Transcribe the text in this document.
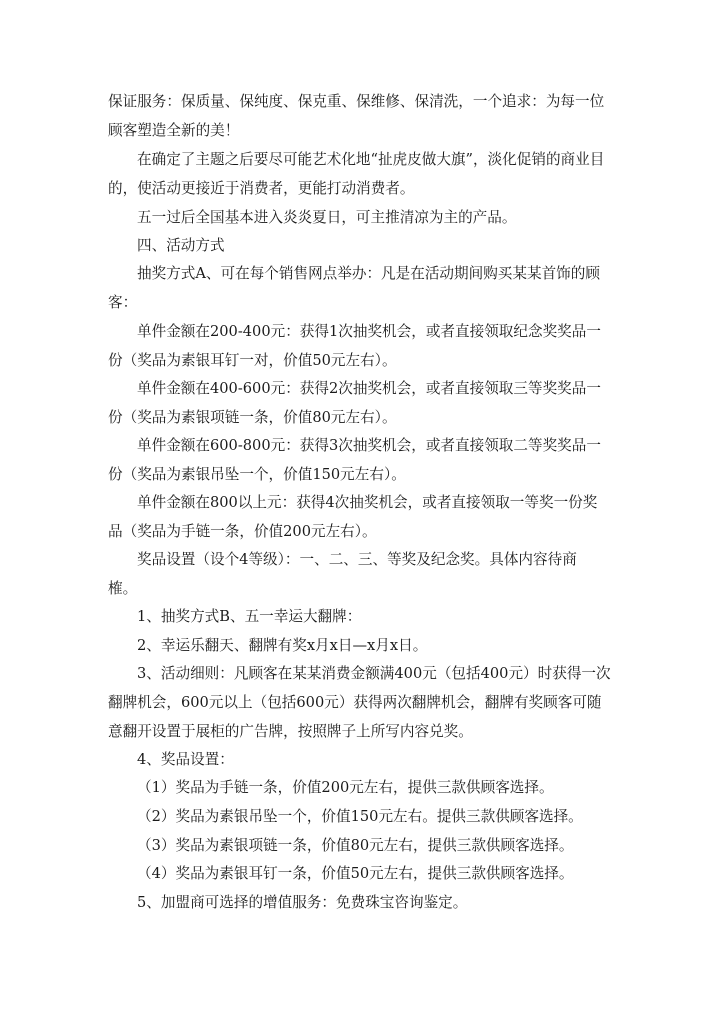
保证服务：保质量、保纯度、保克重、保维修、保清洗，一个追求：为每一位
顾客塑造全新的美！

在确定了主题之后要尽可能艺术化地“扯虎皮做大旗”，淡化促销的商业目
的，使活动更接近于消费者，更能打动消费者。

五一过后全国基本进入炎炎夏日，可主推清凉为主的产品。

四、活动方式

抽奖方式A、可在每个销售网点举办：凡是在活动期间购买某某首饰的顾
客：

单件金额在200-400元：获得1次抽奖机会，或者直接领取纪念奖奖品一
份（奖品为素银耳钉一对，价值50元左右）。

单件金额在400-600元：获得2次抽奖机会，或者直接领取三等奖奖品一
份（奖品为素银项链一条，价值80元左右）。

单件金额在600-800元：获得3次抽奖机会，或者直接领取二等奖奖品一
份（奖品为素银吊坠一个，价值150元左右）。

单件金额在800以上元：获得4次抽奖机会，或者直接领取一等奖一份奖
品（奖品为手链一条，价值200元左右）。

奖品设置（设个4等级）：一、二、三、等奖及纪念奖。具体内容待商
榷。

1、抽奖方式B、五一幸运大翻牌：

2、幸运乐翻天、翻牌有奖x月x日—x月x日。

3、活动细则：凡顾客在某某消费金额满400元（包括400元）时获得一次
翻牌机会，600元以上（包括600元）获得两次翻牌机会，翻牌有奖顾客可随
意翻开设置于展柜的广告牌，按照牌子上所写内容兑奖。

4、奖品设置：

（1）奖品为手链一条，价值200元左右，提供三款供顾客选择。

（2）奖品为素银吊坠一个，价值150元左右。提供三款供顾客选择。

（3）奖品为素银项链一条，价值80元左右，提供三款供顾客选择。

（4）奖品为素银耳钉一条，价值50元左右，提供三款供顾客选择。

5、加盟商可选择的增值服务：免费珠宝咨询鉴定。
